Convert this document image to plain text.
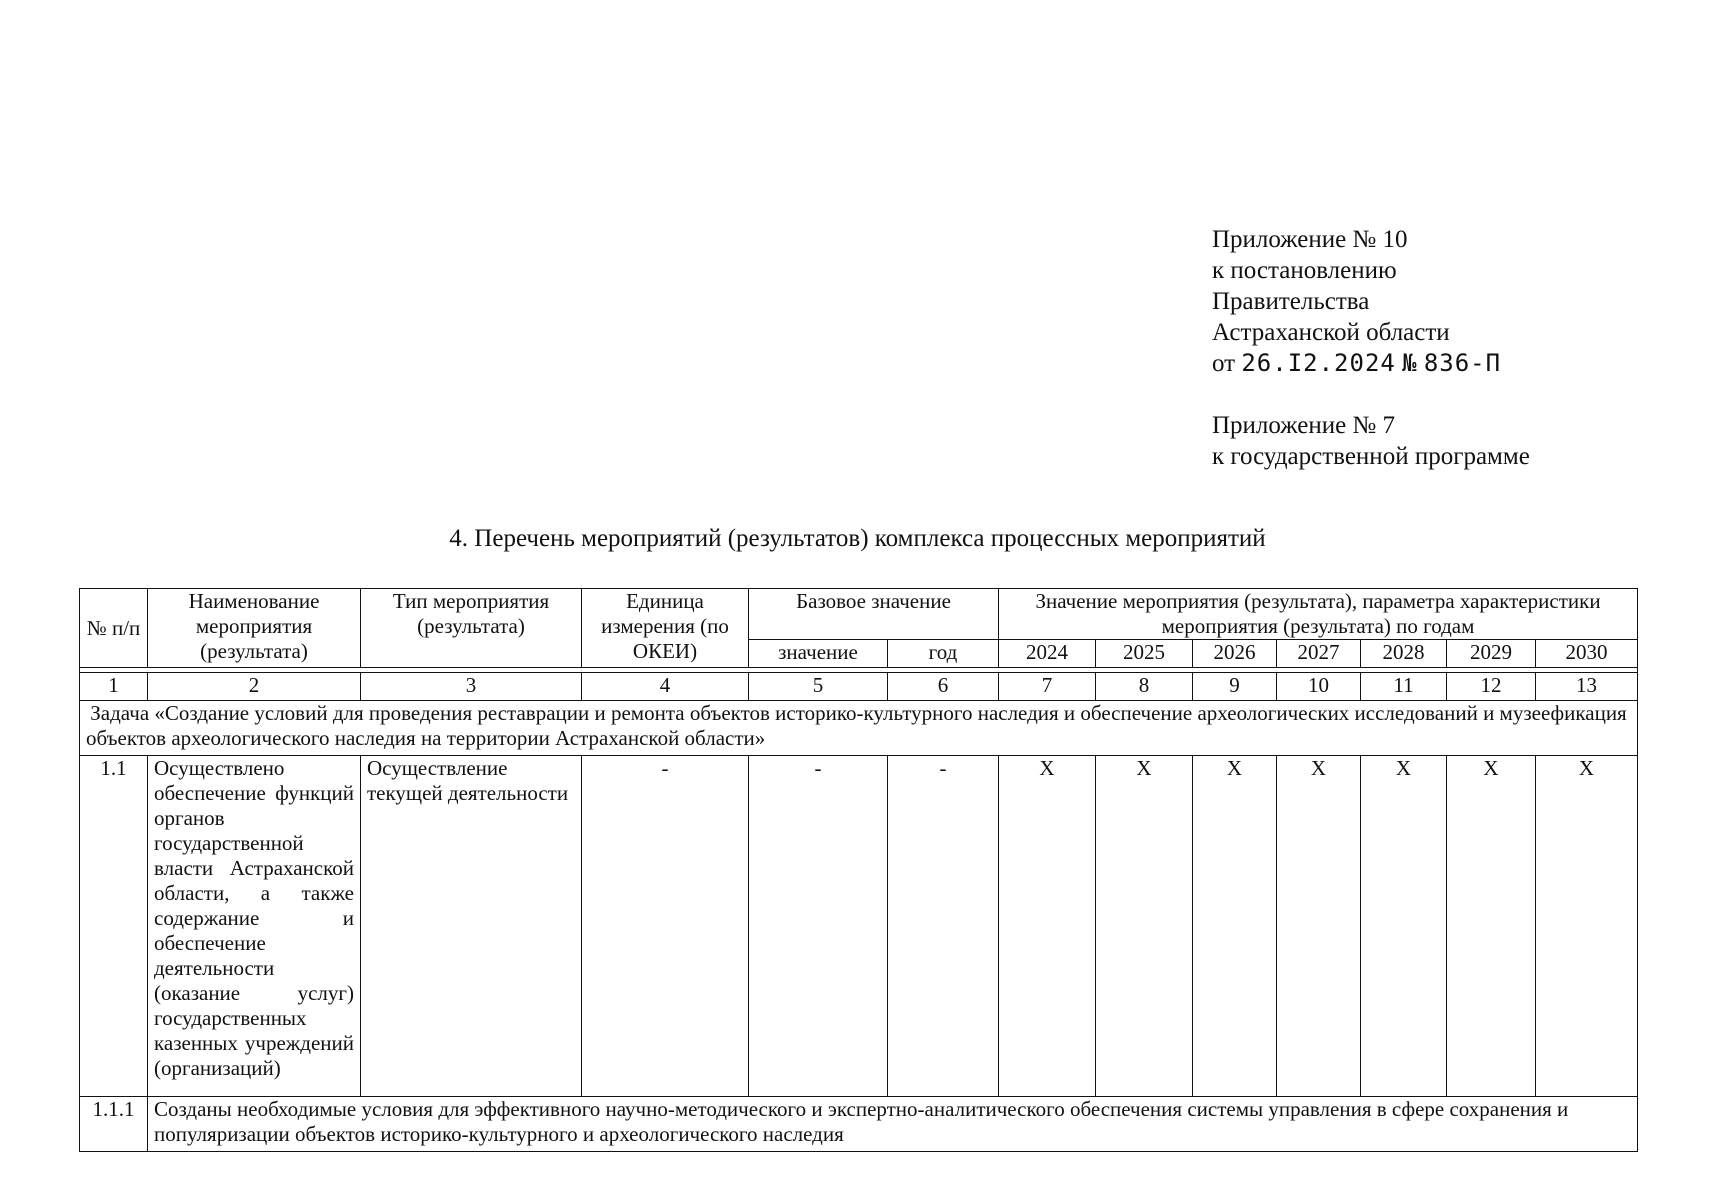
Приложение № 10
к постановлению
Правительства
Астраханской области
от 26.I2.2024 № 836-П
Приложение № 7
к государственной программе
4. Перечень мероприятий (результатов) комплекса процессных мероприятий
№ п/п	Наименование мероприятия (результата)	Тип мероприятия (результата)	Единица измерения (по ОКЕИ)	Базовое значение		Значение мероприятия (результата), параметра характеристики мероприятия (результата) по годам						
				значение	год	2024	2025	2026	2027	2028	2029	2030

1	2	3	4	5	6	7	8	9	10	11	12	13
Задача «Создание условий для проведения реставрации и ремонта объектов историко-культурного наследия и обеспечение археологических исследований и музеефикация объектов археологического наследия на территории Астраханской области»												
1.1	Осуществлено обеспечение функций органов государственной власти Астраханской области, а также содержание и обеспечение деятельности (оказание услуг) государственных казенных учреждений (организаций)	Осуществление текущей деятельности	-	-	-	Х	Х	Х	Х	Х	Х	Х
1.1.1	Созданы необходимые условия для эффективного научно-методического и экспертно-аналитического обеспечения системы управления в сфере сохранения и популяризации объектов историко-культурного и археологического наследия											
